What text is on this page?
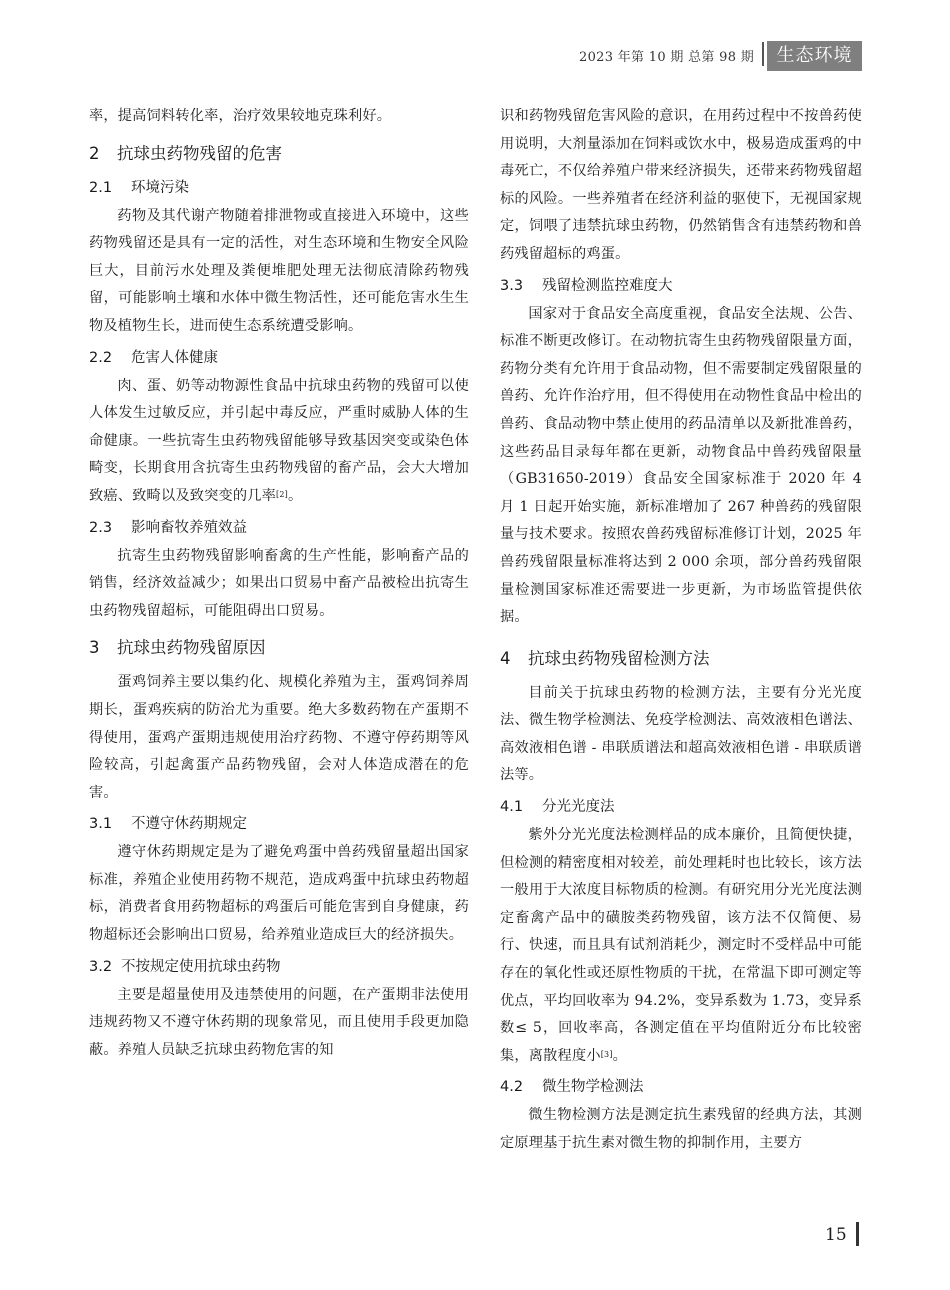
2023 年第 10 期 总第 98 期	生态环境

率，提高饲料转化率，治疗效果较地克珠利好。

2 抗球虫药物残留的危害
2.1 环境污染

药物及其代谢产物随着排泄物或直接进入环境中，这些药物残留还是具有一定的活性，对生态环境和生物安全风险巨大，目前污水处理及粪便堆肥处理无法彻底清除药物残留，可能影响土壤和水体中微生物活性，还可能危害水生生物及植物生长，进而使生态系统遭受影响。

2.2 危害人体健康

肉、蛋、奶等动物源性食品中抗球虫药物的残留可以使人体发生过敏反应，并引起中毒反应，严重时威胁人体的生命健康。一些抗寄生虫药物残留能够导致基因突变或染色体畸变，长期食用含抗寄生虫药物残留的畜产品，会大大增加致癌、致畸以及致突变的几率[2]。

2.3 影响畜牧养殖效益

抗寄生虫药物残留影响畜禽的生产性能，影响畜产品的销售，经济效益减少；如果出口贸易中畜产品被检出抗寄生虫药物残留超标，可能阻碍出口贸易。

3 抗球虫药物残留原因

蛋鸡饲养主要以集约化、规模化养殖为主，蛋鸡饲养周期长，蛋鸡疾病的防治尤为重要。绝大多数药物在产蛋期不得使用，蛋鸡产蛋期违规使用治疗药物、不遵守停药期等风险较高，引起禽蛋产品药物残留，会对人体造成潜在的危害。

3.1 不遵守休药期规定

遵守休药期规定是为了避免鸡蛋中兽药残留量超出国家标准，养殖企业使用药物不规范，造成鸡蛋中抗球虫药物超标，消费者食用药物超标的鸡蛋后可能危害到自身健康，药物超标还会影响出口贸易，给养殖业造成巨大的经济损失。

3.2 不按规定使用抗球虫药物

主要是超量使用及违禁使用的问题，在产蛋期非法使用违规药物又不遵守休药期的现象常见，而且使用手段更加隐蔽。养殖人员缺乏抗球虫药物危害的知

识和药物残留危害风险的意识，在用药过程中不按兽药使用说明，大剂量添加在饲料或饮水中，极易造成蛋鸡的中毒死亡，不仅给养殖户带来经济损失，还带来药物残留超标的风险。一些养殖者在经济利益的驱使下，无视国家规定，饲喂了违禁抗球虫药物，仍然销售含有违禁药物和兽药残留超标的鸡蛋。

3.3 残留检测监控难度大

国家对于食品安全高度重视，食品安全法规、公告、标准不断更改修订。在动物抗寄生虫药物残留限量方面，药物分类有允许用于食品动物，但不需要制定残留限量的兽药、允许作治疗用，但不得使用在动物性食品中检出的兽药、食品动物中禁止使用的药品清单以及新批准兽药，这些药品目录每年都在更新，动物食品中兽药残留限量（GB31650-2019）食品安全国家标准于 2020 年 4 月 1 日起开始实施，新标准增加了 267 种兽药的残留限量与技术要求。按照农兽药残留标准修订计划，2025 年兽药残留限量标准将达到 2 000 余项，部分兽药残留限量检测国家标准还需要进一步更新，为市场监管提供依据。

4 抗球虫药物残留检测方法

目前关于抗球虫药物的检测方法，主要有分光光度法、微生物学检测法、免疫学检测法、高效液相色谱法、高效液相色谱 - 串联质谱法和超高效液相色谱 - 串联质谱法等。

4.1 分光光度法

紫外分光光度法检测样品的成本廉价，且简便快捷，但检测的精密度相对较差，前处理耗时也比较长，该方法一般用于大浓度目标物质的检测。有研究用分光光度法测定畜禽产品中的磺胺类药物残留，该方法不仅简便、易行、快速，而且具有试剂消耗少，测定时不受样品中可能存在的氧化性或还原性物质的干扰，在常温下即可测定等优点，平均回收率为 94.2%，变异系数为 1.73，变异系数≤ 5，回收率高，各测定值在平均值附近分布比较密集，离散程度小[3]。

4.2 微生物学检测法

微生物检测方法是测定抗生素残留的经典方法，其测定原理基于抗生素对微生物的抑制作用，主要方

15
